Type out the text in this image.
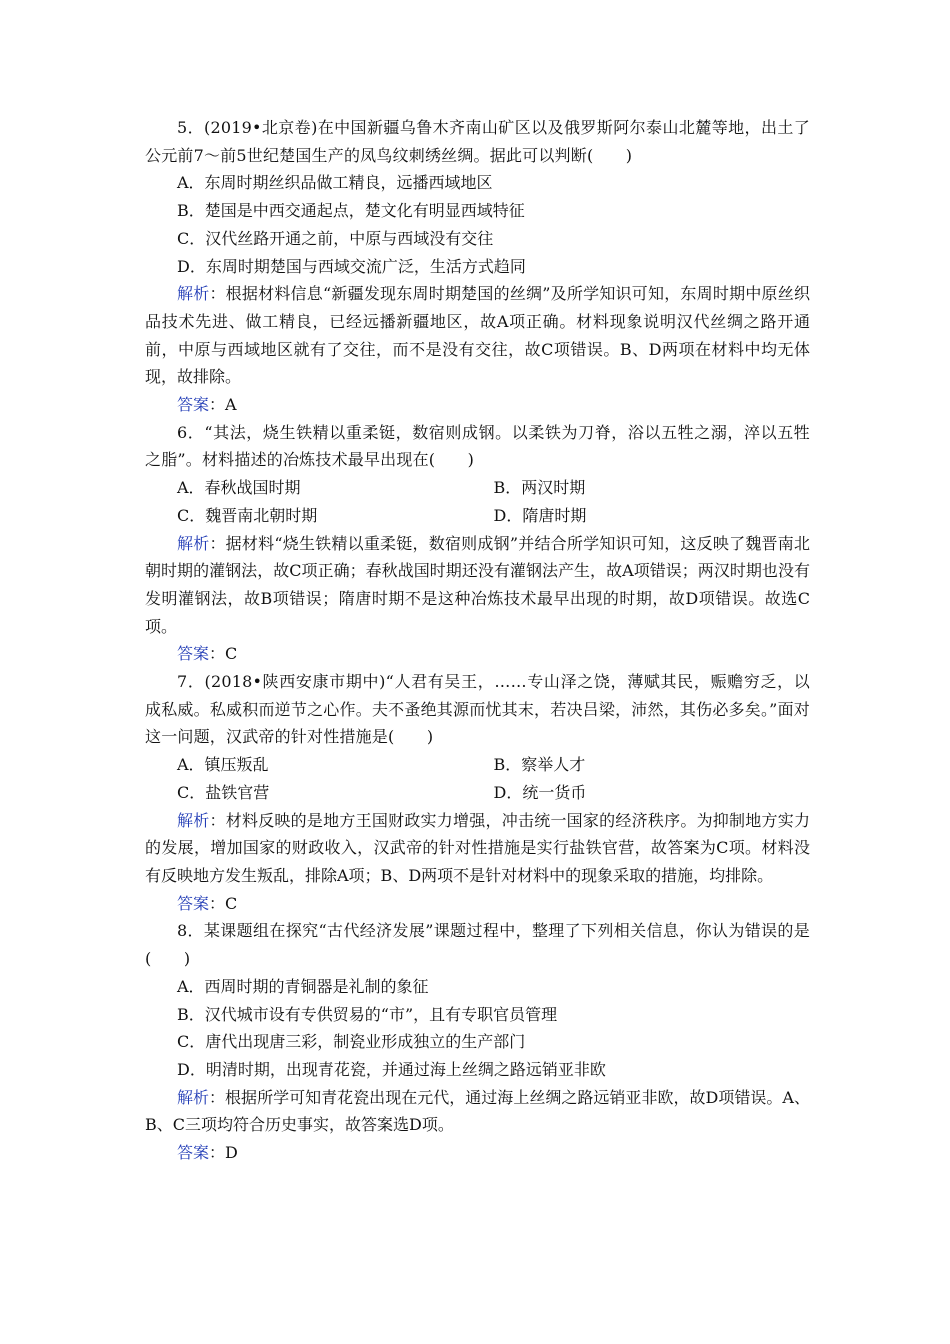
5．(2019•北京卷)在中国新疆乌鲁木齐南山矿区以及俄罗斯阿尔泰山北麓等地，出土了公元前7～前5世纪楚国生产的凤鸟纹刺绣丝绸。据此可以判断(　　)

A．东周时期丝织品做工精良，远播西域地区

B．楚国是中西交通起点，楚文化有明显西域特征

C．汉代丝路开通之前，中原与西域没有交往

D．东周时期楚国与西域交流广泛，生活方式趋同

解析：根据材料信息“新疆发现东周时期楚国的丝绸”及所学知识可知，东周时期中原丝织品技术先进、做工精良，已经远播新疆地区，故A项正确。材料现象说明汉代丝绸之路开通前，中原与西域地区就有了交往，而不是没有交往，故C项错误。B、D两项在材料中均无体现，故排除。

答案：A

6．“其法，烧生铁精以重柔铤，数宿则成钢。以柔铁为刀脊，浴以五牲之溺，淬以五牲之脂”。材料描述的冶炼技术最早出现在(　　)

A．春秋战国时期	B．两汉时期
C．魏晋南北朝时期	D．隋唐时期

解析：据材料“烧生铁精以重柔铤，数宿则成钢”并结合所学知识可知，这反映了魏晋南北朝时期的灌钢法，故C项正确；春秋战国时期还没有灌钢法产生，故A项错误；两汉时期也没有发明灌钢法，故B项错误；隋唐时期不是这种冶炼技术最早出现的时期，故D项错误。故选C项。

答案：C

7．(2018•陕西安康市期中)“人君有吴王，……专山泽之饶，薄赋其民，赈赡穷乏，以成私威。私威积而逆节之心作。夫不蚤绝其源而忧其末，若决吕梁，沛然，其伤必多矣。”面对这一问题，汉武帝的针对性措施是(　　)

A．镇压叛乱	B．察举人才
C．盐铁官营	D．统一货币

解析：材料反映的是地方王国财政实力增强，冲击统一国家的经济秩序。为抑制地方实力的发展，增加国家的财政收入，汉武帝的针对性措施是实行盐铁官营，故答案为C项。材料没有反映地方发生叛乱，排除A项；B、D两项不是针对材料中的现象采取的措施，均排除。

答案：C

8．某课题组在探究“古代经济发展”课题过程中，整理了下列相关信息，你认为错误的是(　　)

A．西周时期的青铜器是礼制的象征

B．汉代城市设有专供贸易的“市”，且有专职官员管理

C．唐代出现唐三彩，制瓷业形成独立的生产部门

D．明清时期，出现青花瓷，并通过海上丝绸之路远销亚非欧

解析：根据所学可知青花瓷出现在元代，通过海上丝绸之路远销亚非欧，故D项错误。A、B、C三项均符合历史事实，故答案选D项。

答案：D
